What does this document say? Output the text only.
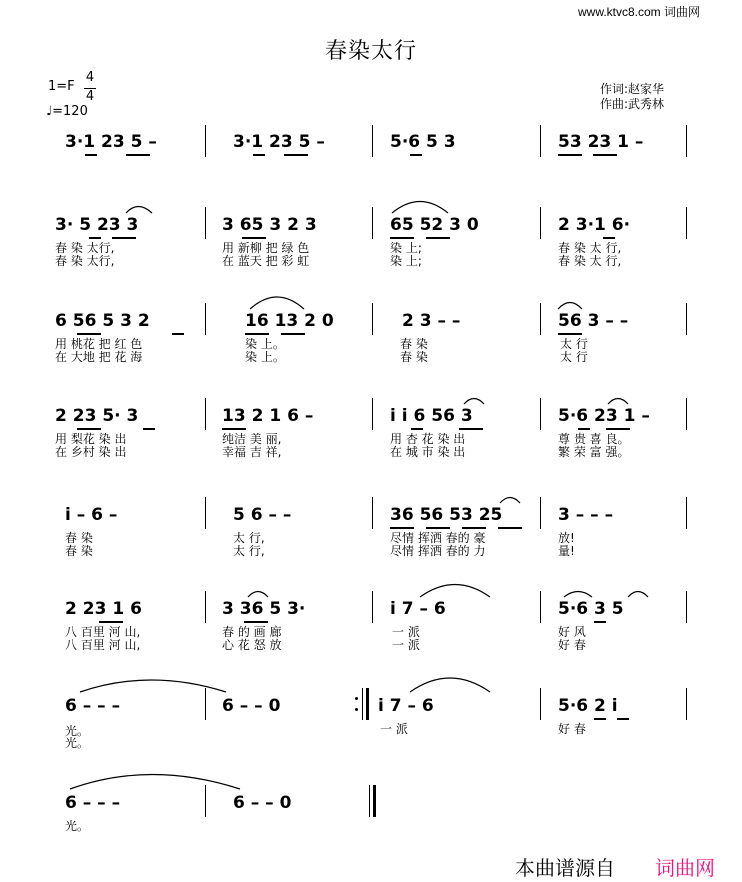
www.ktvc8.com 词曲网
春染太行
1=F
4
4
♩=120
作词:赵家华
作曲:武秀林
3·1 23 5 –	3·1 23 5 –	5·6 5 3	53 23 1 –
3· 5 23 3	3 65 3 2 3	65 52 3 0	2 3·1 6·
春 染 太行,	用 新柳 把 绿 色	染 上;	春 染 太 行,
春 染 太行,	在 蓝天 把 彩 虹	染 上;	春 染 太 行,
6 56 5 3 2	16 13 2 0	2 3 – –	56 3 – –
用 桃花 把 红 色	染 上。	春 染	太 行
在 大地 把 花 海	染 上。	春 染	太 行
2 23 5· 3	13 2 1 6 –	i i 6 56 3	5·6 23 1 –
用 梨花 染 出	纯洁 美 丽,	用 杏 花 染 出	尊 贵 喜 良。
在 乡村 染 出	幸福 吉 祥,	在 城 市 染 出	繁 荣 富 强。
i – 6 –	5 6 – –	36 56 53 25	3 – – –
春 染	太 行,	尽情 挥洒 春的 豪	放!
春 染	太 行,	尽情 挥洒 春的 力	量!
2 23 1 6	3 36 5 3·	i 7 – 6	5·6 3 5
八 百里 河 山,	春 的 画 廊	一 派	好 风
八 百里 河 山,	心 花 怒 放	一 派	好 春
6 – – –	6 – – 0	i 7 – 6	5·6 2 i
光。	一 派	好 春
光。
6 – – –	6 – – 0
光。
本曲谱源自 词曲网
